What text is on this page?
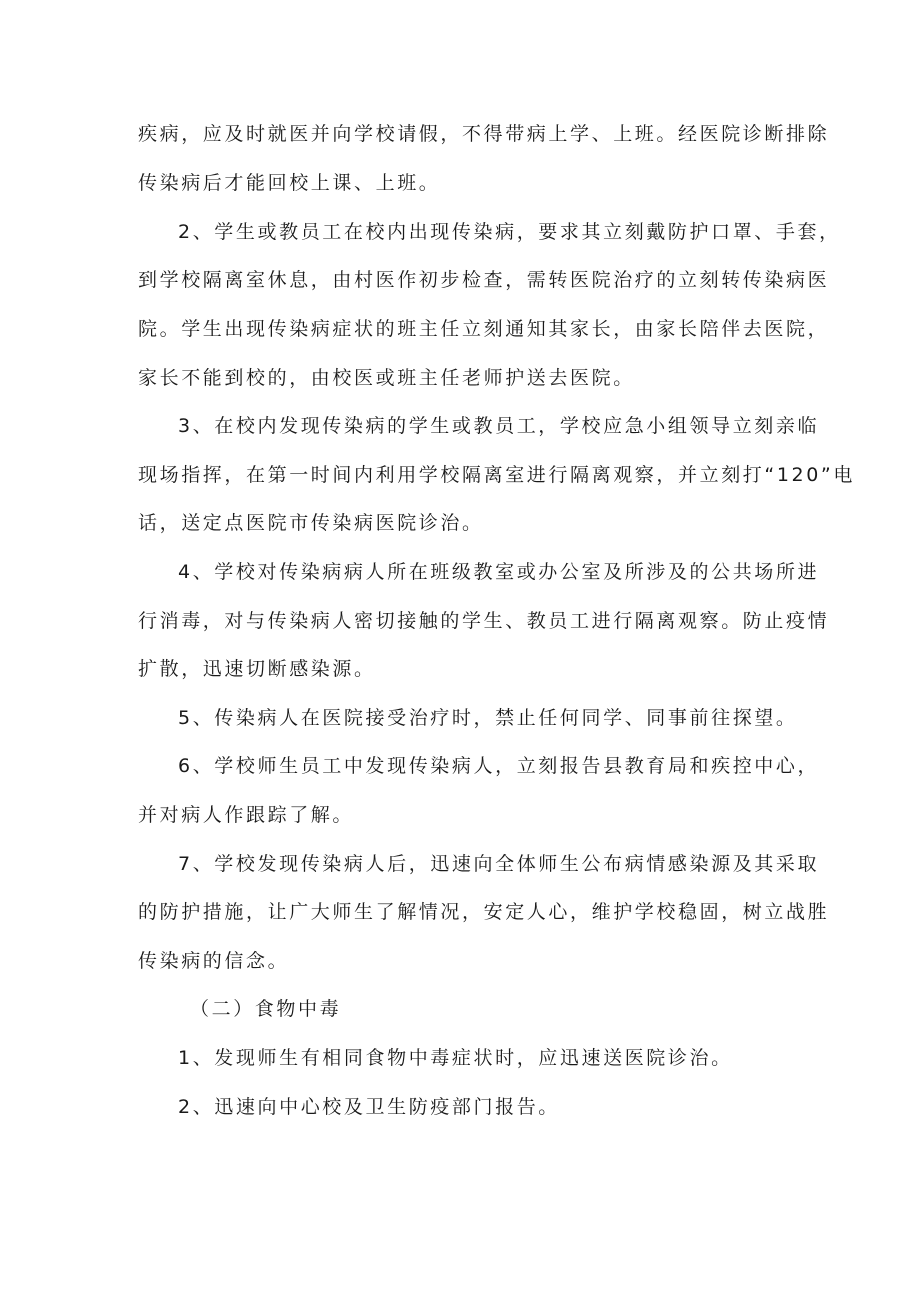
疾病，应及时就医并向学校请假，不得带病上学、上班。经医院诊断排除
传染病后才能回校上课、上班。
2、学生或教员工在校内出现传染病，要求其立刻戴防护口罩、手套，
到学校隔离室休息，由村医作初步检查，需转医院治疗的立刻转传染病医
院。学生出现传染病症状的班主任立刻通知其家长，由家长陪伴去医院，
家长不能到校的，由校医或班主任老师护送去医院。
3、在校内发现传染病的学生或教员工，学校应急小组领导立刻亲临
现场指挥，在第一时间内利用学校隔离室进行隔离观察，并立刻打“120”电
话，送定点医院市传染病医院诊治。
4、学校对传染病病人所在班级教室或办公室及所涉及的公共场所进
行消毒，对与传染病人密切接触的学生、教员工进行隔离观察。防止疫情
扩散，迅速切断感染源。
5、传染病人在医院接受治疗时，禁止任何同学、同事前往探望。
6、学校师生员工中发现传染病人，立刻报告县教育局和疾控中心，
并对病人作跟踪了解。
7、学校发现传染病人后，迅速向全体师生公布病情感染源及其采取
的防护措施，让广大师生了解情况，安定人心，维护学校稳固，树立战胜
传染病的信念。
（二）食物中毒
1、发现师生有相同食物中毒症状时，应迅速送医院诊治。
2、迅速向中心校及卫生防疫部门报告。
